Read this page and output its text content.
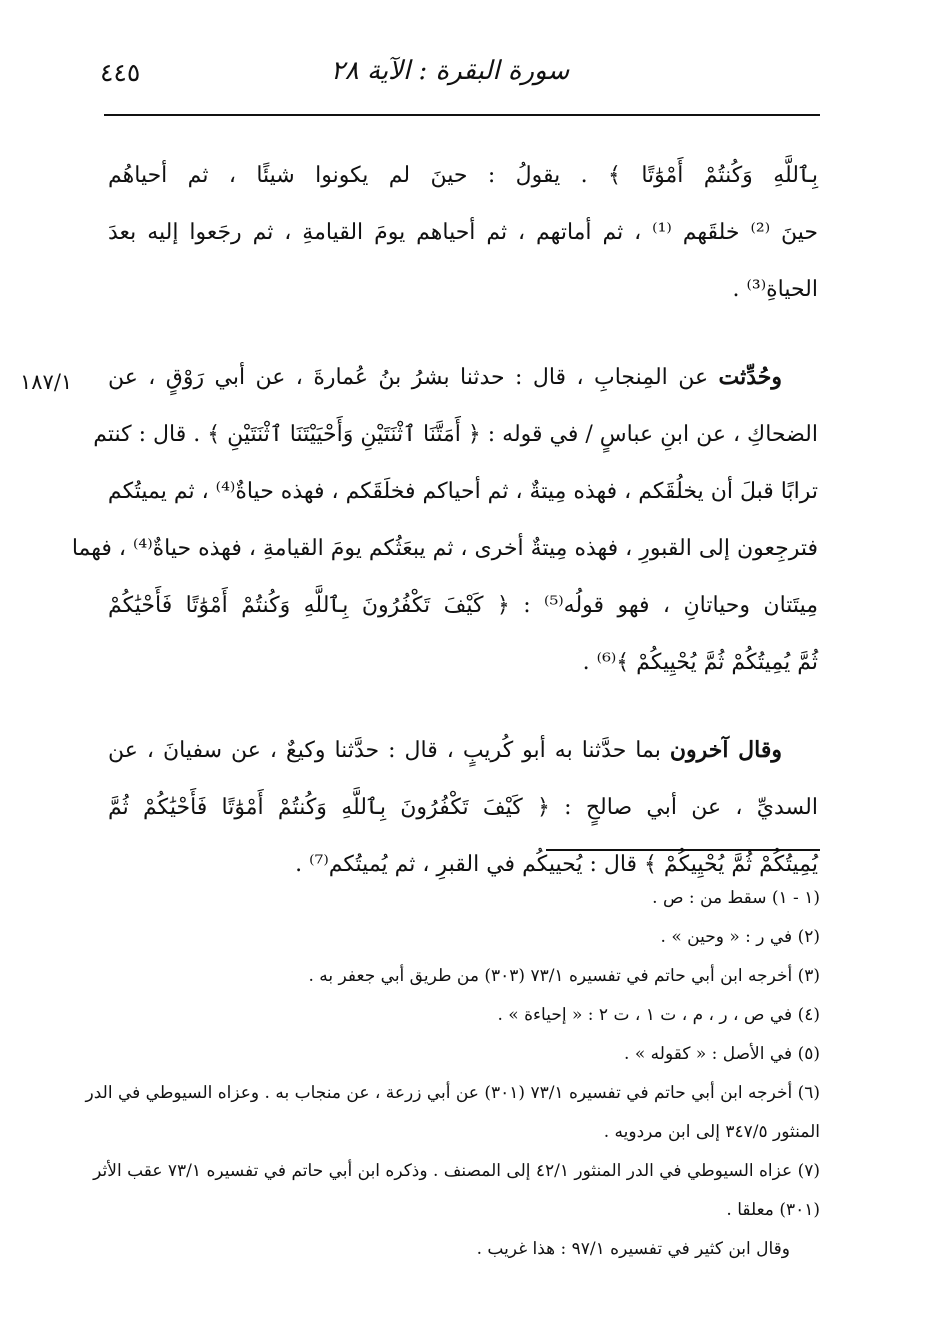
٤٤٥	سورة البقرة : الآية ٢٨
١٨٧/١
بِٱللَّهِ وَكُنتُمْ أَمْوَٰتًا ﴾ . يقولُ : حينَ لم يكونوا شيئًا ، ثم أحياهُم
حينَ ⁽²⁾ خلقَهم ⁽¹⁾ ، ثم أماتهم ، ثم أحياهم يومَ القيامةِ ، ثم رجَعوا إليه بعدَ
الحياةِ⁽³⁾ .
وحُدِّثت عن المِنجابِ ، قال : حدثنا بشرُ بنُ عُمارةَ ، عن أبي رَوْقٍ ، عن
الضحاكِ ، عن ابنِ عباسٍ / في قوله : ﴿ أَمَتَّنَا ٱثْنَتَيْنِ وَأَحْيَيْتَنَا ٱثْنَتَيْنِ ﴾ . قال : كنتم
ترابًا قبلَ أن يخلُقَكم ، فهذه مِيتةٌ ، ثم أحياكم فخلَقَكم ، فهذه حياةٌ⁽⁴⁾ ، ثم يميتُكم
فترجِعون إلى القبورِ ، فهذه مِيتةٌ أخرى ، ثم يبعَثُكم يومَ القيامةِ ، فهذه حياةٌ⁽⁴⁾ ، فهما
مِيتَتان وحياتانِ ، فهو قولُه⁽⁵⁾ : ﴿ كَيْفَ تَكْفُرُونَ بِٱللَّهِ وَكُنتُمْ أَمْوَٰتًا فَأَحْيَٰكُمْ
ثُمَّ يُمِيتُكُمْ ثُمَّ يُحْيِيكُمْ ﴾⁽⁶⁾ .
وقال آخرون بما حدَّثنا به أبو كُريبٍ ، قال : حدَّثنا وكيعٌ ، عن سفيانَ ، عن
السديِّ ، عن أبي صالحٍ : ﴿ كَيْفَ تَكْفُرُونَ بِٱللَّهِ وَكُنتُمْ أَمْوَٰتًا فَأَحْيَٰكُمْ ثُمَّ
يُمِيتُكُمْ ثُمَّ يُحْيِيكُمْ ﴾ قال : يُحييكُم في القبرِ ، ثم يُميتُكم⁽⁷⁾ .
(١ - ١) سقط من : ص .
(٢) في ر : « وحين » .
(٣) أخرجه ابن أبي حاتم في تفسيره ٧٣/١ (٣٠٣) من طريق أبي جعفر به .
(٤) في ص ، ر ، م ، ت ١ ، ت ٢ : « إحياءة » .
(٥) في الأصل : « كقوله » .
(٦) أخرجه ابن أبي حاتم في تفسيره ٧٣/١ (٣٠١) عن أبي زرعة ، عن منجاب به . وعزاه السيوطي في الدر
المنثور ٣٤٧/٥ إلى ابن مردويه .
(٧) عزاه السيوطي في الدر المنثور ٤٢/١ إلى المصنف . وذكره ابن أبي حاتم في تفسيره ٧٣/١ عقب الأثر
(٣٠١) معلقا .
وقال ابن كثير في تفسيره ٩٧/١ : هذا غريب .
